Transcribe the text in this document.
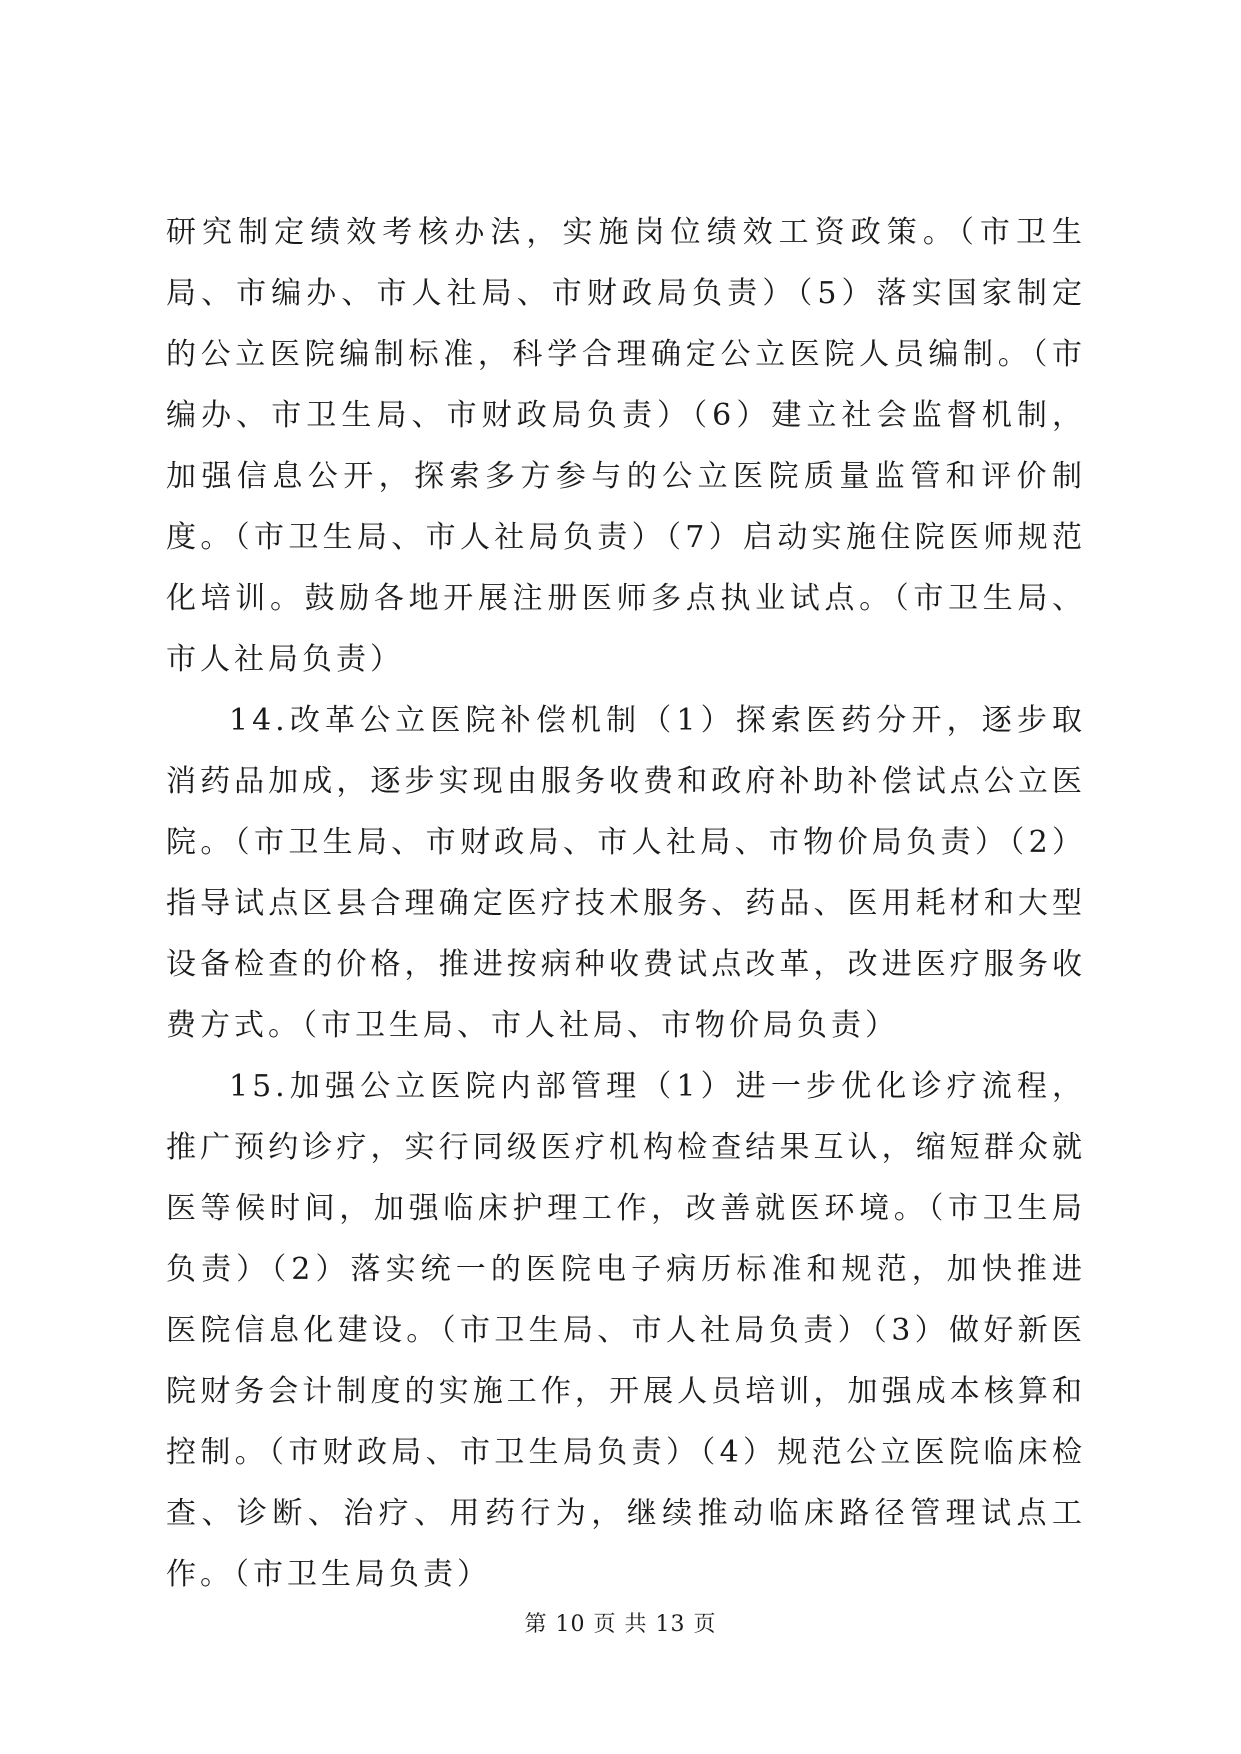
研究制定绩效考核办法，实施岗位绩效工资政策。（市卫生局、市编办、市人社局、市财政局负责）（5）落实国家制定的公立医院编制标准，科学合理确定公立医院人员编制。（市编办、市卫生局、市财政局负责）（6）建立社会监督机制，加强信息公开，探索多方参与的公立医院质量监管和评价制度。（市卫生局、市人社局负责）（7）启动实施住院医师规范化培训。鼓励各地开展注册医师多点执业试点。（市卫生局、市人社局负责）

14.改革公立医院补偿机制（1）探索医药分开，逐步取消药品加成，逐步实现由服务收费和政府补助补偿试点公立医院。（市卫生局、市财政局、市人社局、市物价局负责）（2）指导试点区县合理确定医疗技术服务、药品、医用耗材和大型设备检查的价格，推进按病种收费试点改革，改进医疗服务收费方式。（市卫生局、市人社局、市物价局负责）

15.加强公立医院内部管理（1）进一步优化诊疗流程，推广预约诊疗，实行同级医疗机构检查结果互认，缩短群众就医等候时间，加强临床护理工作，改善就医环境。（市卫生局负责）（2）落实统一的医院电子病历标准和规范，加快推进医院信息化建设。（市卫生局、市人社局负责）（3）做好新医院财务会计制度的实施工作，开展人员培训，加强成本核算和控制。（市财政局、市卫生局负责）（4）规范公立医院临床检查、诊断、治疗、用药行为，继续推动临床路径管理试点工作。（市卫生局负责）

第 10 页 共 13 页
